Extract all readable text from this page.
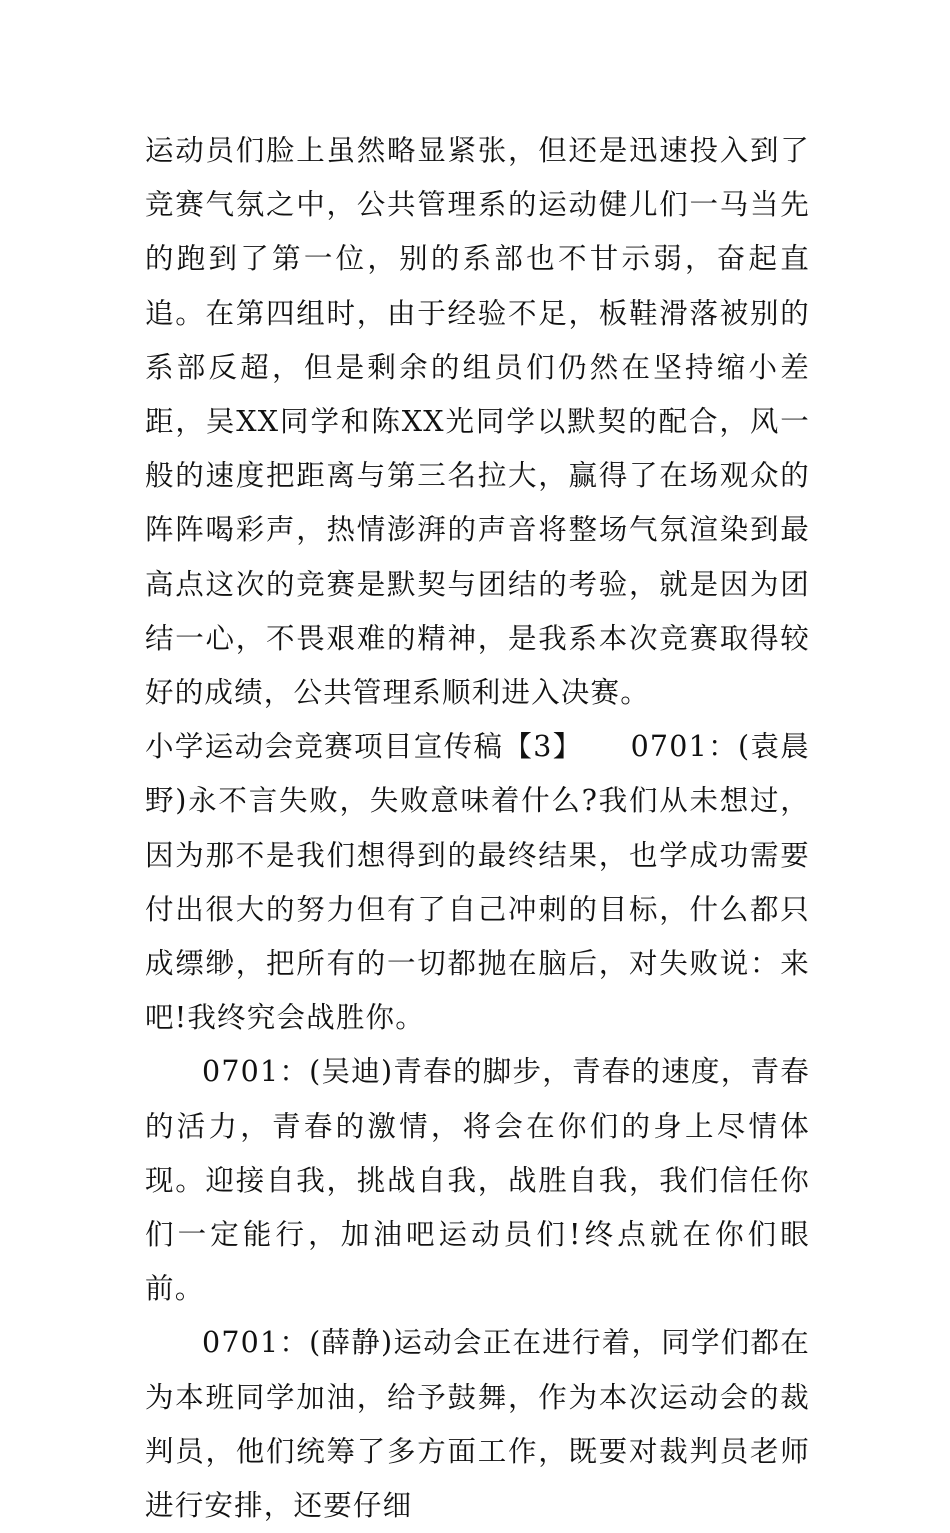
运动员们脸上虽然略显紧张，但还是迅速投入到了竞赛气氛之中，公共管理系的运动健儿们一马当先的跑到了第一位，别的系部也不甘示弱，奋起直追。在第四组时，由于经验不足，板鞋滑落被别的系部反超，但是剩余的组员们仍然在坚持缩小差距，吴XX同学和陈XX光同学以默契的配合，风一般的速度把距离与第三名拉大，赢得了在场观众的阵阵喝彩声，热情澎湃的声音将整场气氛渲染到最高点这次的竞赛是默契与团结的考验，就是因为团结一心，不畏艰难的精神，是我系本次竞赛取得较好的成绩，公共管理系顺利进入决赛。

小学运动会竞赛项目宣传稿【3】 0701：(袁晨野)永不言失败，失败意味着什么?我们从未想过，因为那不是我们想得到的最终结果，也学成功需要付出很大的努力但有了自己冲刺的目标，什么都只成缥缈，把所有的一切都抛在脑后，对失败说：来吧!我终究会战胜你。

0701：(吴迪)青春的脚步，青春的速度，青春的活力，青春的激情，将会在你们的身上尽情体现。迎接自我，挑战自我，战胜自我，我们信任你们一定能行，加油吧运动员们!终点就在你们眼前。

0701：(薛静)运动会正在进行着，同学们都在为本班同学加油，给予鼓舞，作为本次运动会的裁判员，他们统筹了多方面工作，既要对裁判员老师进行安排，还要仔细
